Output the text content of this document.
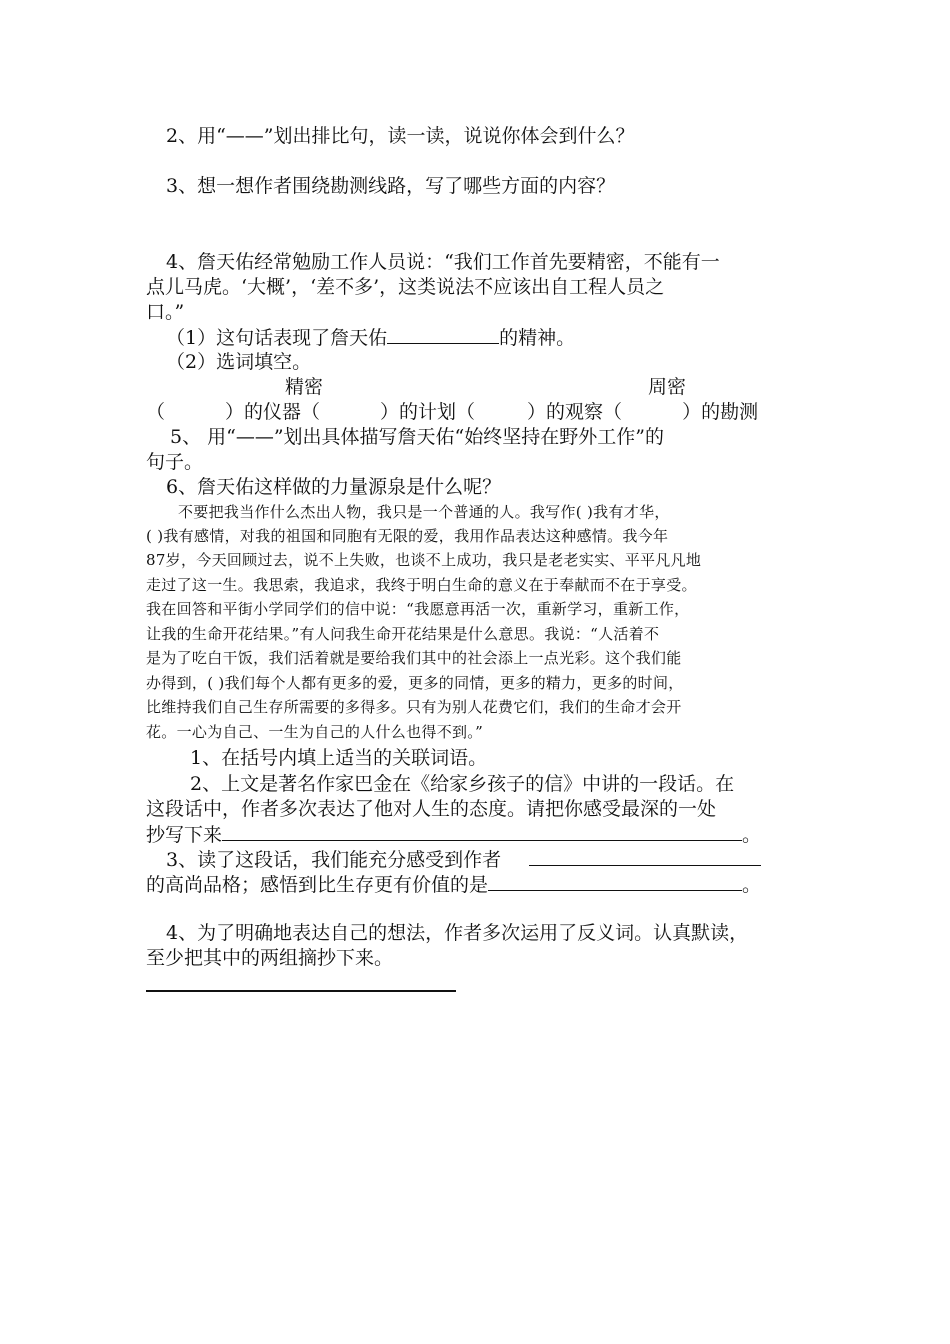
2、用“——”划出排比句，读一读，说说你体会到什么？
3、想一想作者围绕勘测线路，写了哪些方面的内容？
4、詹天佑经常勉励工作人员说：“我们工作首先要精密，不能有一
点儿马虎。‘大概’，‘差不多’，这类说法不应该出自工程人员之
口。”
（1）这句话表现了詹天佑	的精神。
（2）选词填空。
精密	周密
（	）的仪器（	）的计划（	）的观察（	）的勘测
5、 用“——”划出具体描写詹天佑“始终坚持在野外工作”的
句子。
6、詹天佑这样做的力量源泉是什么呢？
不要把我当作什么杰出人物，我只是一个普通的人。我写作( )我有才华，
( )我有感情，对我的祖国和同胞有无限的爱，我用作品表达这种感情。我今年
87岁，今天回顾过去，说不上失败，也谈不上成功，我只是老老实实、平平凡凡地
走过了这一生。我思索，我追求，我终于明白生命的意义在于奉献而不在于享受。
我在回答和平街小学同学们的信中说：“我愿意再活一次，重新学习，重新工作，
让我的生命开花结果。”有人问我生命开花结果是什么意思。我说：“人活着不
是为了吃白干饭，我们活着就是要给我们其中的社会添上一点光彩。这个我们能
办得到，( )我们每个人都有更多的爱，更多的同情，更多的精力，更多的时间，
比维持我们自己生存所需要的多得多。只有为别人花费它们，我们的生命才会开
花。一心为自己、一生为自己的人什么也得不到。”
1、在括号内填上适当的关联词语。
2、上文是著名作家巴金在《给家乡孩子的信》中讲的一段话。在
这段话中，作者多次表达了他对人生的态度。请把你感受最深的一处
抄写下来	。
3、读了这段话，我们能充分感受到作者
的高尚品格；感悟到比生存更有价值的是	。
4、为了明确地表达自己的想法，作者多次运用了反义词。认真默读，
至少把其中的两组摘抄下来。
